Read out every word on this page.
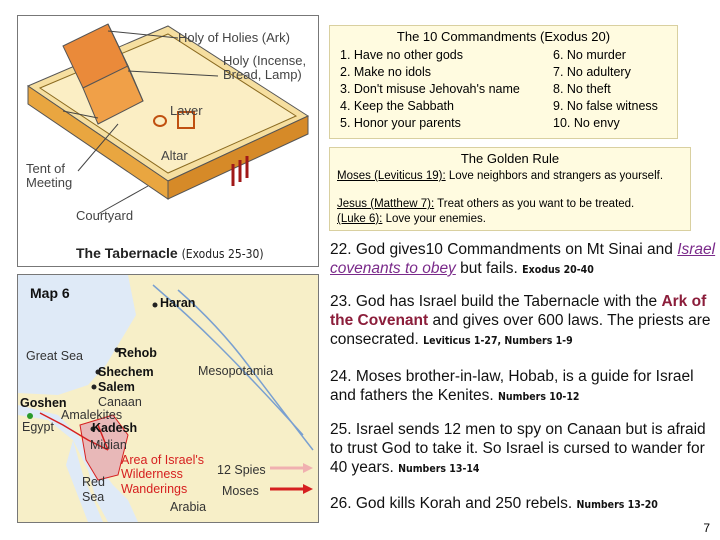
Holy of Holies (Ark)
Holy (Incense, Bread, Lamp)
Laver
Altar
Tent of Meeting
Courtyard
The Tabernacle (Exodus 25-30)
The 10 Commandments (Exodus 20)
1. Have no other gods
2. Make no idols
3. Don't misuse Jehovah's name
4. Keep the Sabbath
5. Honor your parents
6. No murder
7. No adultery
8. No theft
9. No false witness
10. No envy
The Golden Rule
Moses (Leviticus 19): Love neighbors and strangers as yourself.
Jesus (Matthew 7): Treat others as you want to be treated.
(Luke 6): Love your enemies.
Map 6
Haran
Rehob
Great Sea
Shechem
Salem
Mesopotamia
Goshen	Canaan
Amalekites
Egypt	Kadesh
Midian
Area of Israel's
Wilderness
Wanderings
12 Spies
Moses
Red
Sea
Arabia
22. God gives10 Commandments on Mt Sinai and Israel covenants to obey but fails. Exodus 20-40
23. God has Israel build the Tabernacle with the Ark of the Covenant and gives over 600 laws. The priests are consecrated. Leviticus 1-27, Numbers 1-9
24. Moses brother-in-law, Hobab, is a guide for Israel and fathers the Kenites. Numbers 10-12
25. Israel sends 12 men to spy on Canaan but is afraid to trust God to take it. So Israel is cursed to wander for 40 years. Numbers 13-14
26. God kills Korah and 250 rebels. Numbers 13-20
7
